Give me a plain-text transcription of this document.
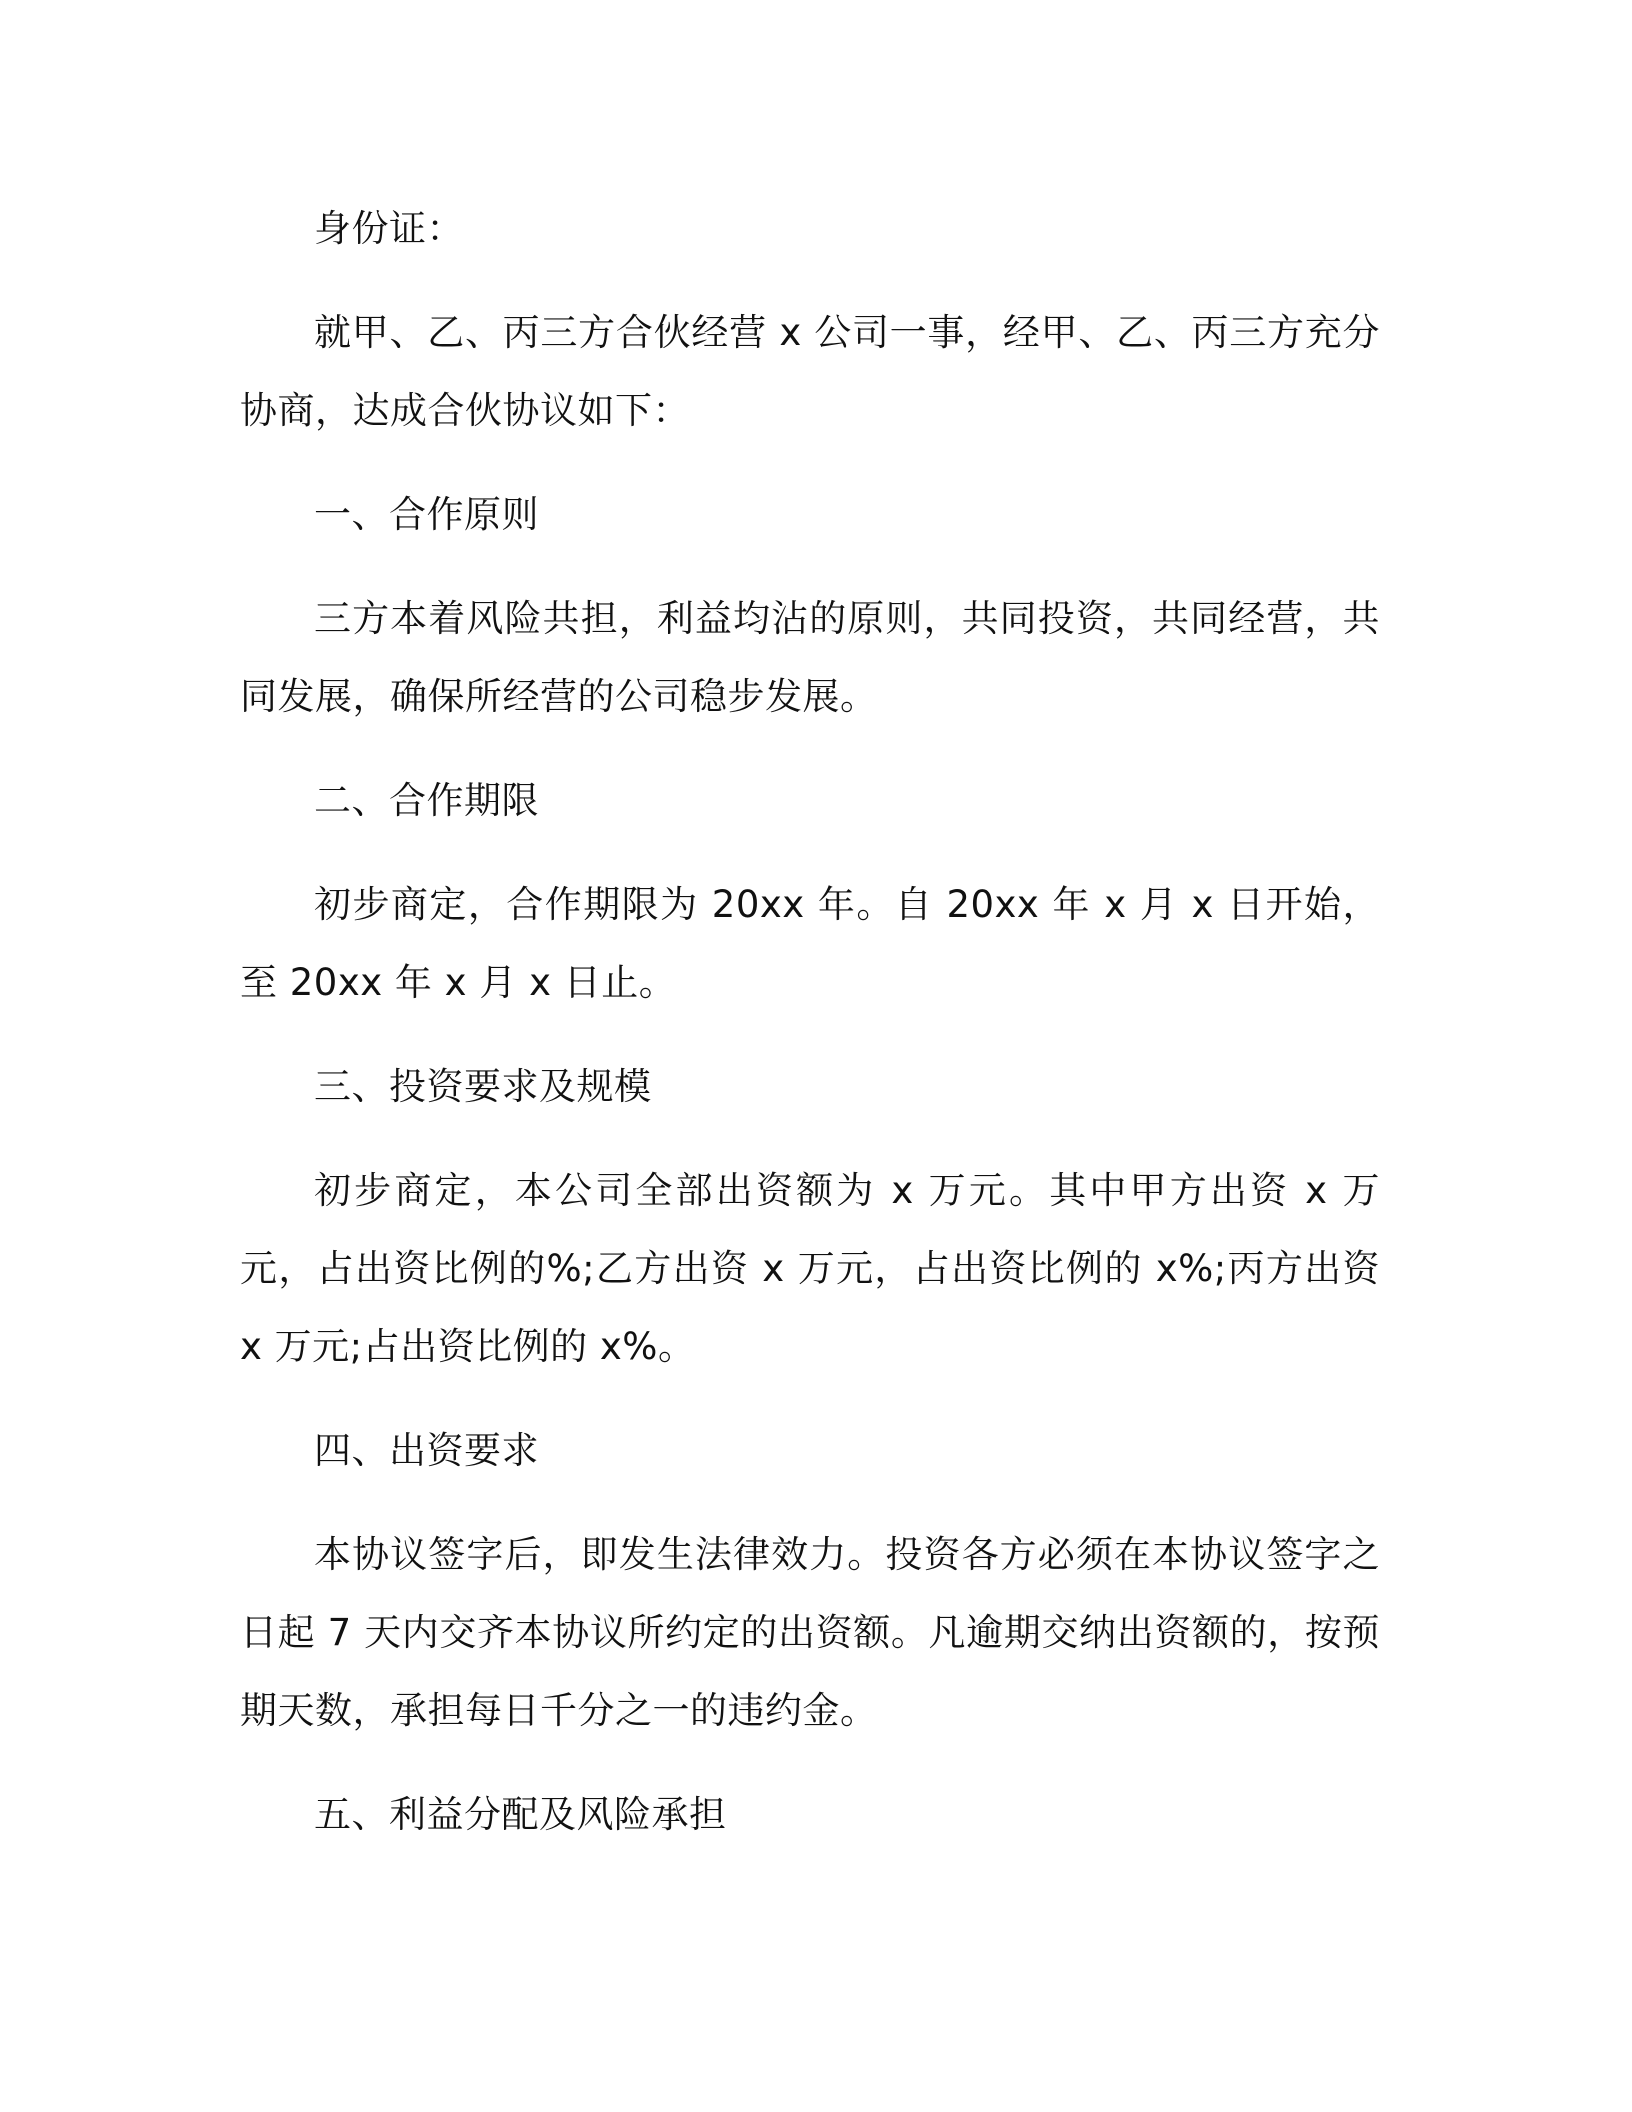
身份证：

就甲、乙、丙三方合伙经营 x 公司一事，经甲、乙、丙三方充分协商，达成合伙协议如下：

一、合作原则

三方本着风险共担，利益均沾的原则，共同投资，共同经营，共同发展，确保所经营的公司稳步发展。

二、合作期限

初步商定，合作期限为 20xx 年。自 20xx 年 x 月 x 日开始，至 20xx 年 x 月 x 日止。

三、投资要求及规模

初步商定，本公司全部出资额为 x 万元。其中甲方出资 x 万元，占出资比例的%;乙方出资 x 万元，占出资比例的 x%;丙方出资 x 万元;占出资比例的 x%。

四、出资要求

本协议签字后，即发生法律效力。投资各方必须在本协议签字之日起 7 天内交齐本协议所约定的出资额。凡逾期交纳出资额的，按预期天数，承担每日千分之一的违约金。

五、利益分配及风险承担
